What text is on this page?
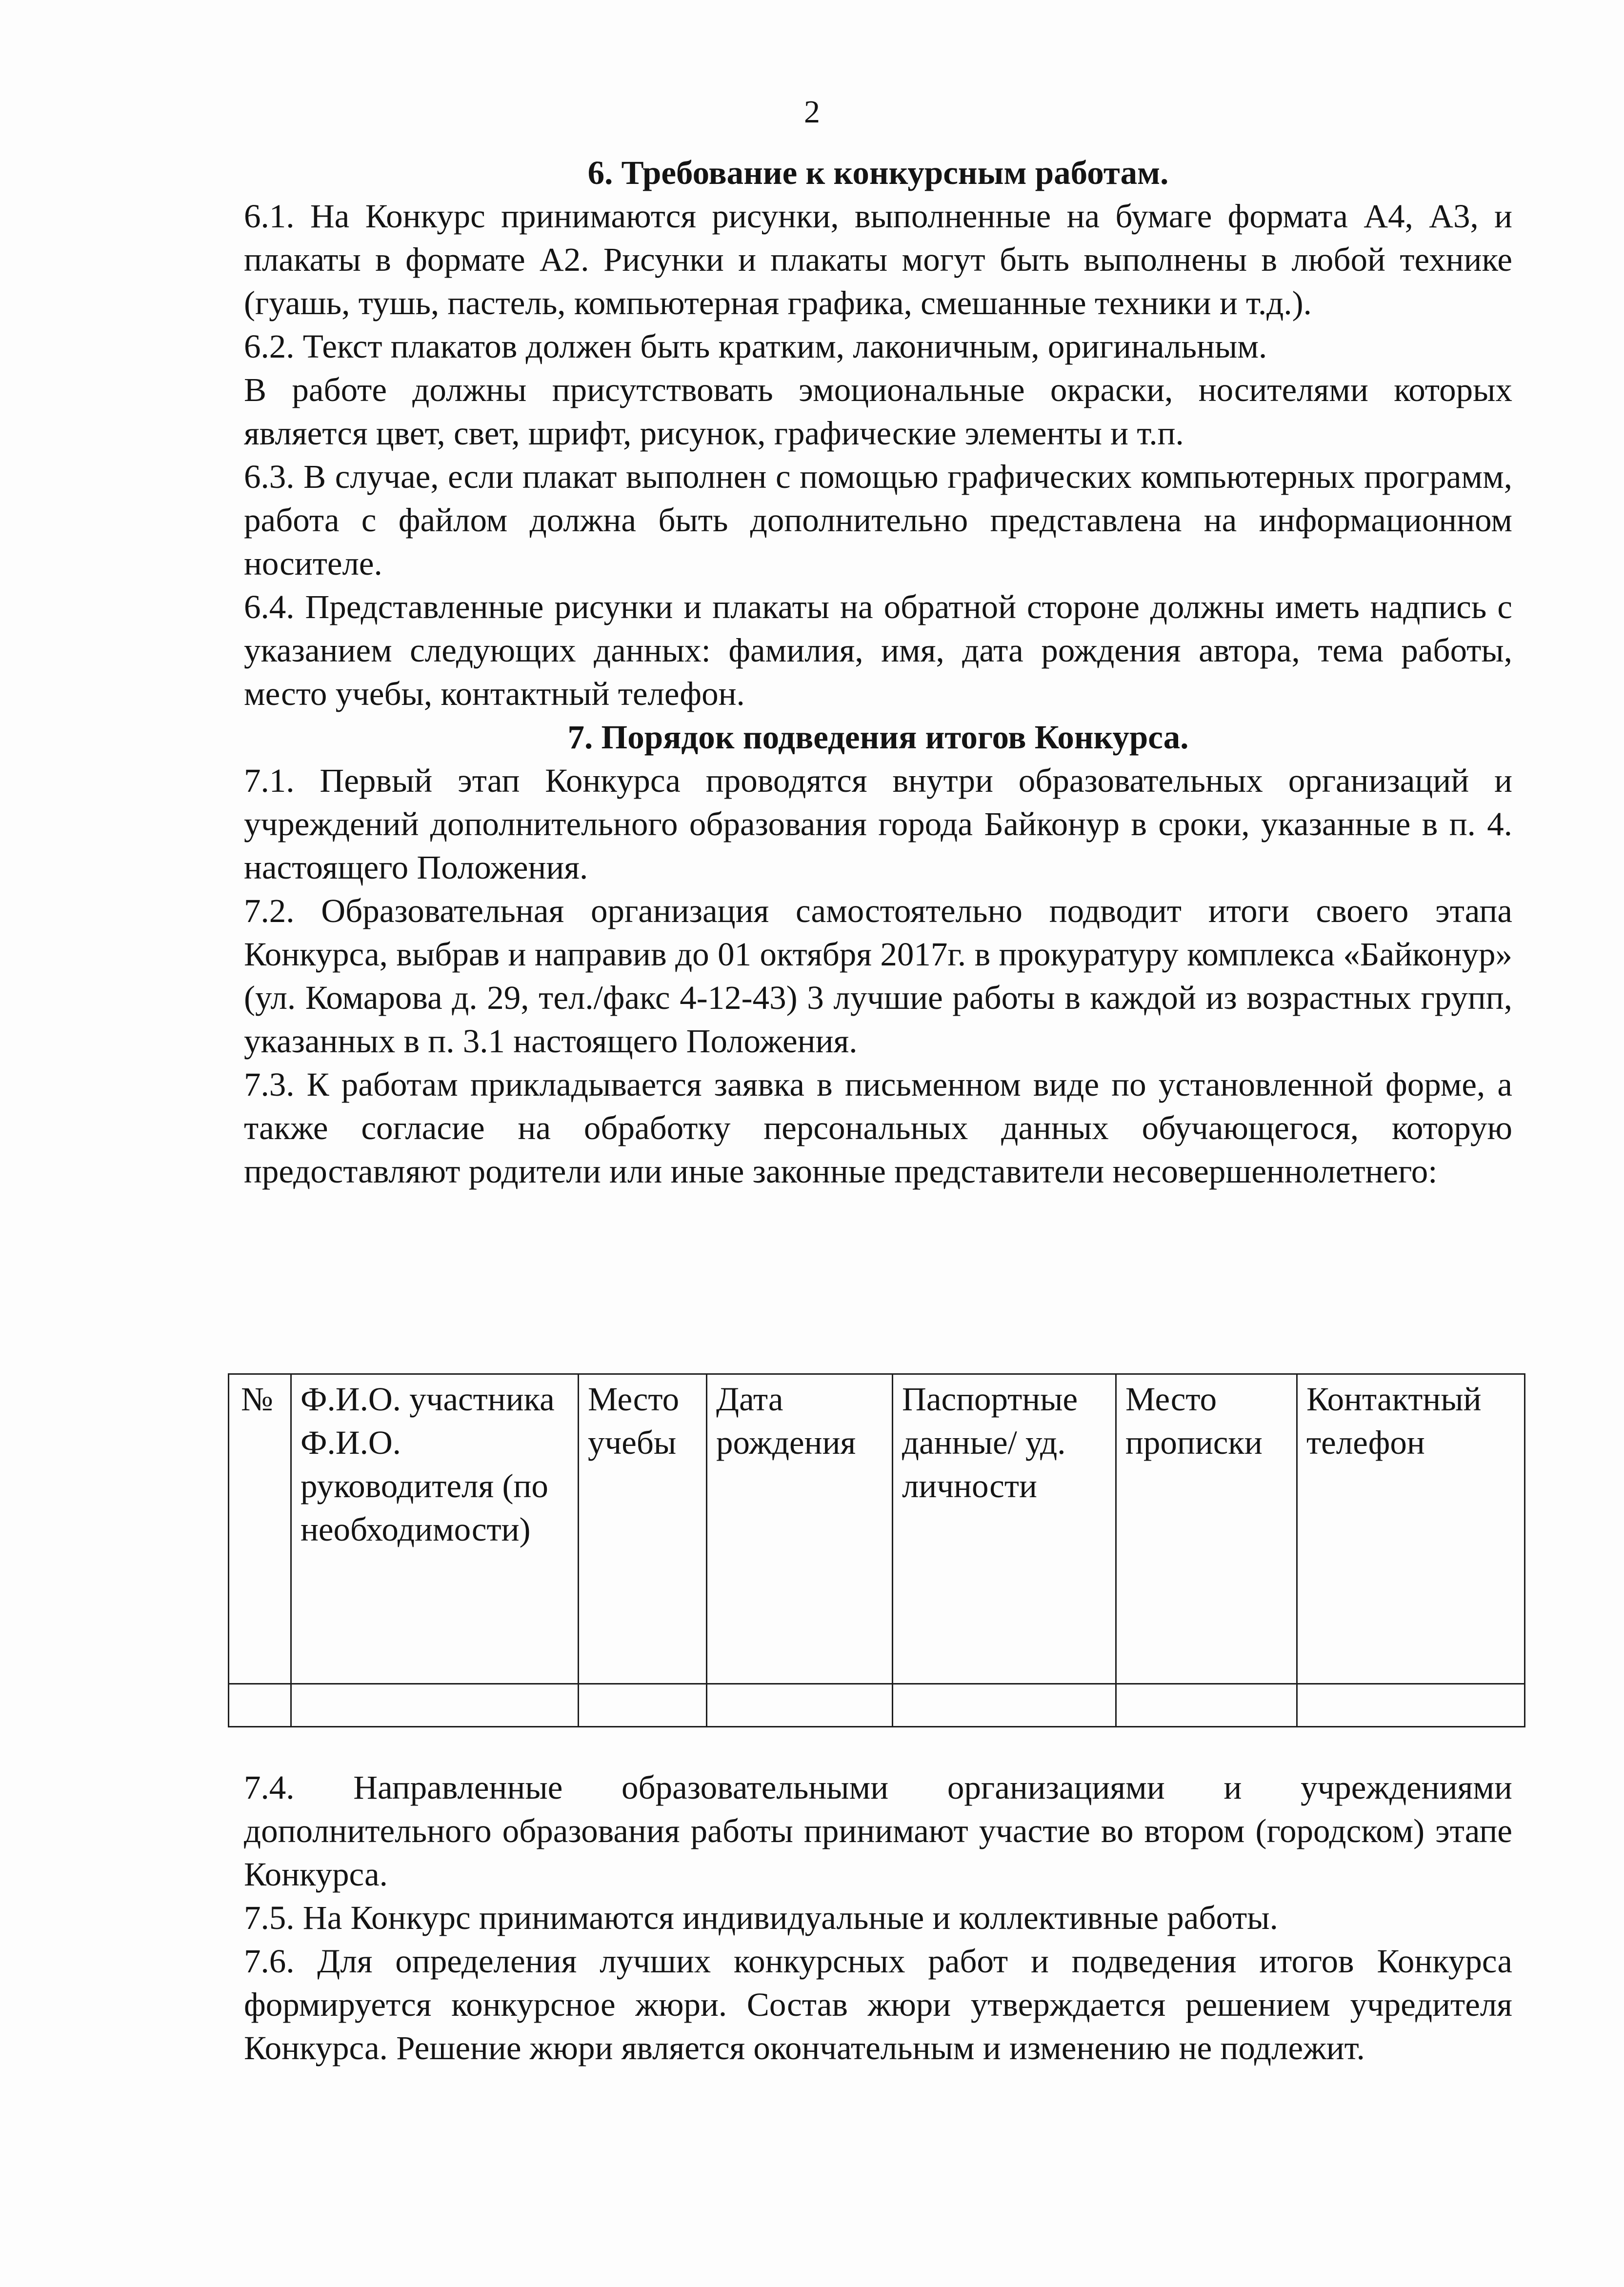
2

6. Требование к конкурсным работам.

6.1. На Конкурс принимаются рисунки, выполненные на бумаге формата А4, А3, и плакаты в формате А2. Рисунки и плакаты могут быть выполнены в любой технике (гуашь, тушь, пастель, компьютерная графика, смешанные техники и т.д.).

6.2. Текст плакатов должен быть кратким, лаконичным, оригинальным.

В работе должны присутствовать эмоциональные окраски, носителями которых является цвет, свет, шрифт, рисунок, графические элементы и т.п.

6.3. В случае, если плакат выполнен с помощью графических компьютерных программ, работа с файлом должна быть дополнительно представлена на информационном носителе.

6.4. Представленные рисунки и плакаты на обратной стороне должны иметь надпись с указанием следующих данных: фамилия, имя, дата рождения автора, тема работы, место учебы, контактный телефон.

7. Порядок подведения итогов Конкурса.

7.1. Первый этап Конкурса проводятся внутри образовательных организаций и учреждений дополнительного образования города Байконур в сроки, указанные в п. 4. настоящего Положения.

7.2. Образовательная организация самостоятельно подводит итоги своего этапа Конкурса, выбрав и направив до 01 октября 2017г. в прокуратуру комплекса «Байконур» (ул. Комарова д. 29, тел./факс 4-12-43) 3 лучшие работы в каждой из возрастных групп, указанных в п. 3.1 настоящего Положения.

7.3. К работам прикладывается заявка в письменном виде по установленной форме, а также согласие на обработку персональных данных обучающегося, которую предоставляют родители или иные законные представители несовершеннолетнего:

№	Ф.И.О. участника Ф.И.О. руководителя (по необходимости)	Место учебы	Дата рождения	Паспортные данные/ уд. личности	Место прописки	Контактный телефон

7.4. Направленные образовательными организациями и учреждениями дополнительного образования работы принимают участие во втором (городском) этапе Конкурса.

7.5. На Конкурс принимаются индивидуальные и коллективные работы.

7.6. Для определения лучших конкурсных работ и подведения итогов Конкурса формируется конкурсное жюри. Состав жюри утверждается решением учредителя Конкурса. Решение жюри является окончательным и изменению не подлежит.
